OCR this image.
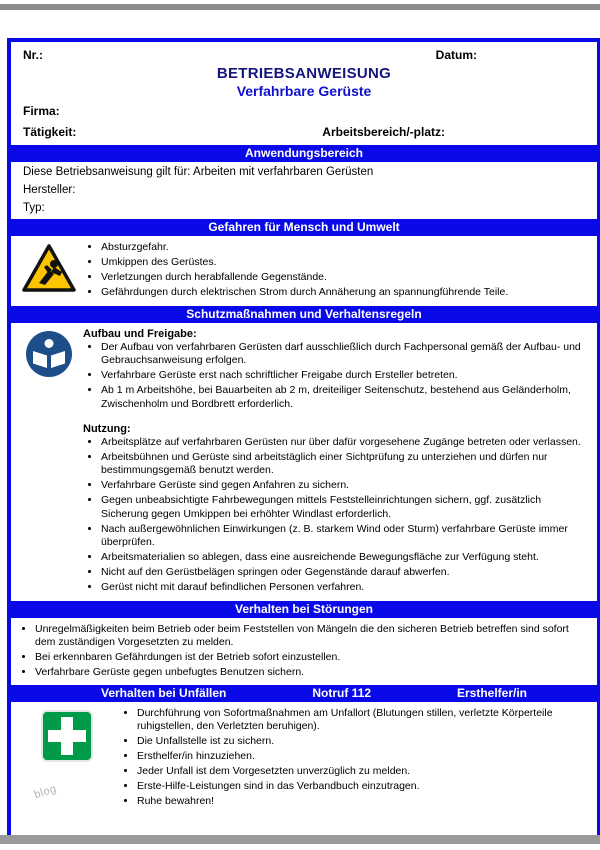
Nr.:	Datum:
BETRIEBSANWEISUNG
Verfahrbare Gerüste
Firma:
Tätigkeit:	Arbeitsbereich/-platz:
Anwendungsbereich
Diese Betriebsanweisung gilt für: Arbeiten mit verfahrbaren Gerüsten
Hersteller:
Typ:
Gefahren für Mensch und Umwelt
• Absturzgefahr.
• Umkippen des Gerüstes.
• Verletzungen durch herabfallende Gegenstände.
• Gefährdungen durch elektrischen Strom durch Annäherung an spannungführende Teile.
Schutzmaßnahmen und Verhaltensregeln
Aufbau und Freigabe:
• Der Aufbau von verfahrbaren Gerüsten darf ausschließlich durch Fachpersonal gemäß der Aufbau- und Gebrauchsanweisung erfolgen.
• Verfahrbare Gerüste erst nach schriftlicher Freigabe durch Ersteller betreten.
• Ab 1 m Arbeitshöhe, bei Bauarbeiten ab 2 m, dreiteiliger Seitenschutz, bestehend aus Geländerholm, Zwischenholm und Bordbrett erforderlich.
Nutzung:
• Arbeitsplätze auf verfahrbaren Gerüsten nur über dafür vorgesehene Zugänge betreten oder verlassen.
• Arbeitsbühnen und Gerüste sind arbeitstäglich einer Sichtprüfung zu unterziehen und dürfen nur bestimmungsgemäß benutzt werden.
• Verfahrbare Gerüste sind gegen Anfahren zu sichern.
• Gegen unbeabsichtigte Fahrbewegungen mittels Feststelleinrichtungen sichern, ggf. zusätzlich Sicherung gegen Umkippen bei erhöhter Windlast erforderlich.
• Nach außergewöhnlichen Einwirkungen (z. B. starkem Wind oder Sturm) verfahrbare Gerüste immer überprüfen.
• Arbeitsmaterialien so ablegen, dass eine ausreichende Bewegungsfläche zur Verfügung steht.
• Nicht auf den Gerüstbelägen springen oder Gegenstände darauf abwerfen.
• Gerüst nicht mit darauf befindlichen Personen verfahren.
Verhalten bei Störungen
• Unregelmäßigkeiten beim Betrieb oder beim Feststellen von Mängeln die den sicheren Betrieb betreffen sind sofort dem zuständigen Vorgesetzten zu melden.
• Bei erkennbaren Gefährdungen ist der Betrieb sofort einzustellen.
• Verfahrbare Gerüste gegen unbefugtes Benutzen sichern.
Verhalten bei Unfällen	Notruf 112	Ersthelfer/in
• Durchführung von Sofortmaßnahmen am Unfallort (Blutungen stillen, verletzte Körperteile ruhigstellen, den Verletzten beruhigen).
• Die Unfallstelle ist zu sichern.
• Ersthelfer/in hinzuziehen.
• Jeder Unfall ist dem Vorgesetzten unverzüglich zu melden.
• Erste-Hilfe-Leistungen sind in das Verbandbuch einzutragen.
• Ruhe bewahren!
blog
